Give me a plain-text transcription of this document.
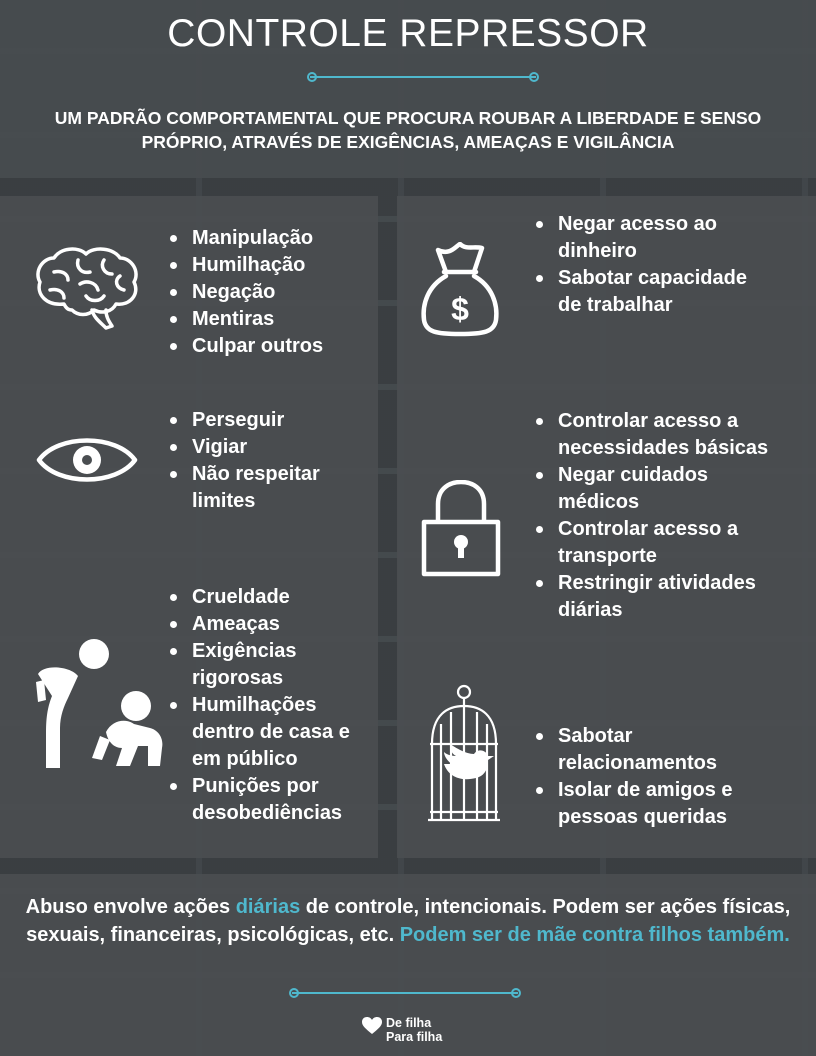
CONTROLE REPRESSOR
UM PADRÃO COMPORTAMENTAL QUE PROCURA ROUBAR A LIBERDADE E SENSO
PRÓPRIO, ATRAVÉS DE EXIGÊNCIAS, AMEAÇAS E VIGILÂNCIA
Manipulação
Humilhação
Negação
Mentiras
Culpar outros
Perseguir
Vigiar
Não respeitar limites
Crueldade
Ameaças
Exigências rigorosas
Humilhações dentro de casa e em público
Punições por desobediências
$
Negar acesso ao dinheiro
Sabotar capacidade de trabalhar
Controlar acesso a necessidades básicas
Negar cuidados médicos
Controlar acesso a transporte
Restringir atividades diárias
Sabotar relacionamentos
Isolar de amigos e pessoas queridas
Abuso envolve ações diárias de controle, intencionais. Podem ser ações físicas, sexuais, financeiras, psicológicas, etc. Podem ser de mãe contra filhos também.
De filha
Para filha
